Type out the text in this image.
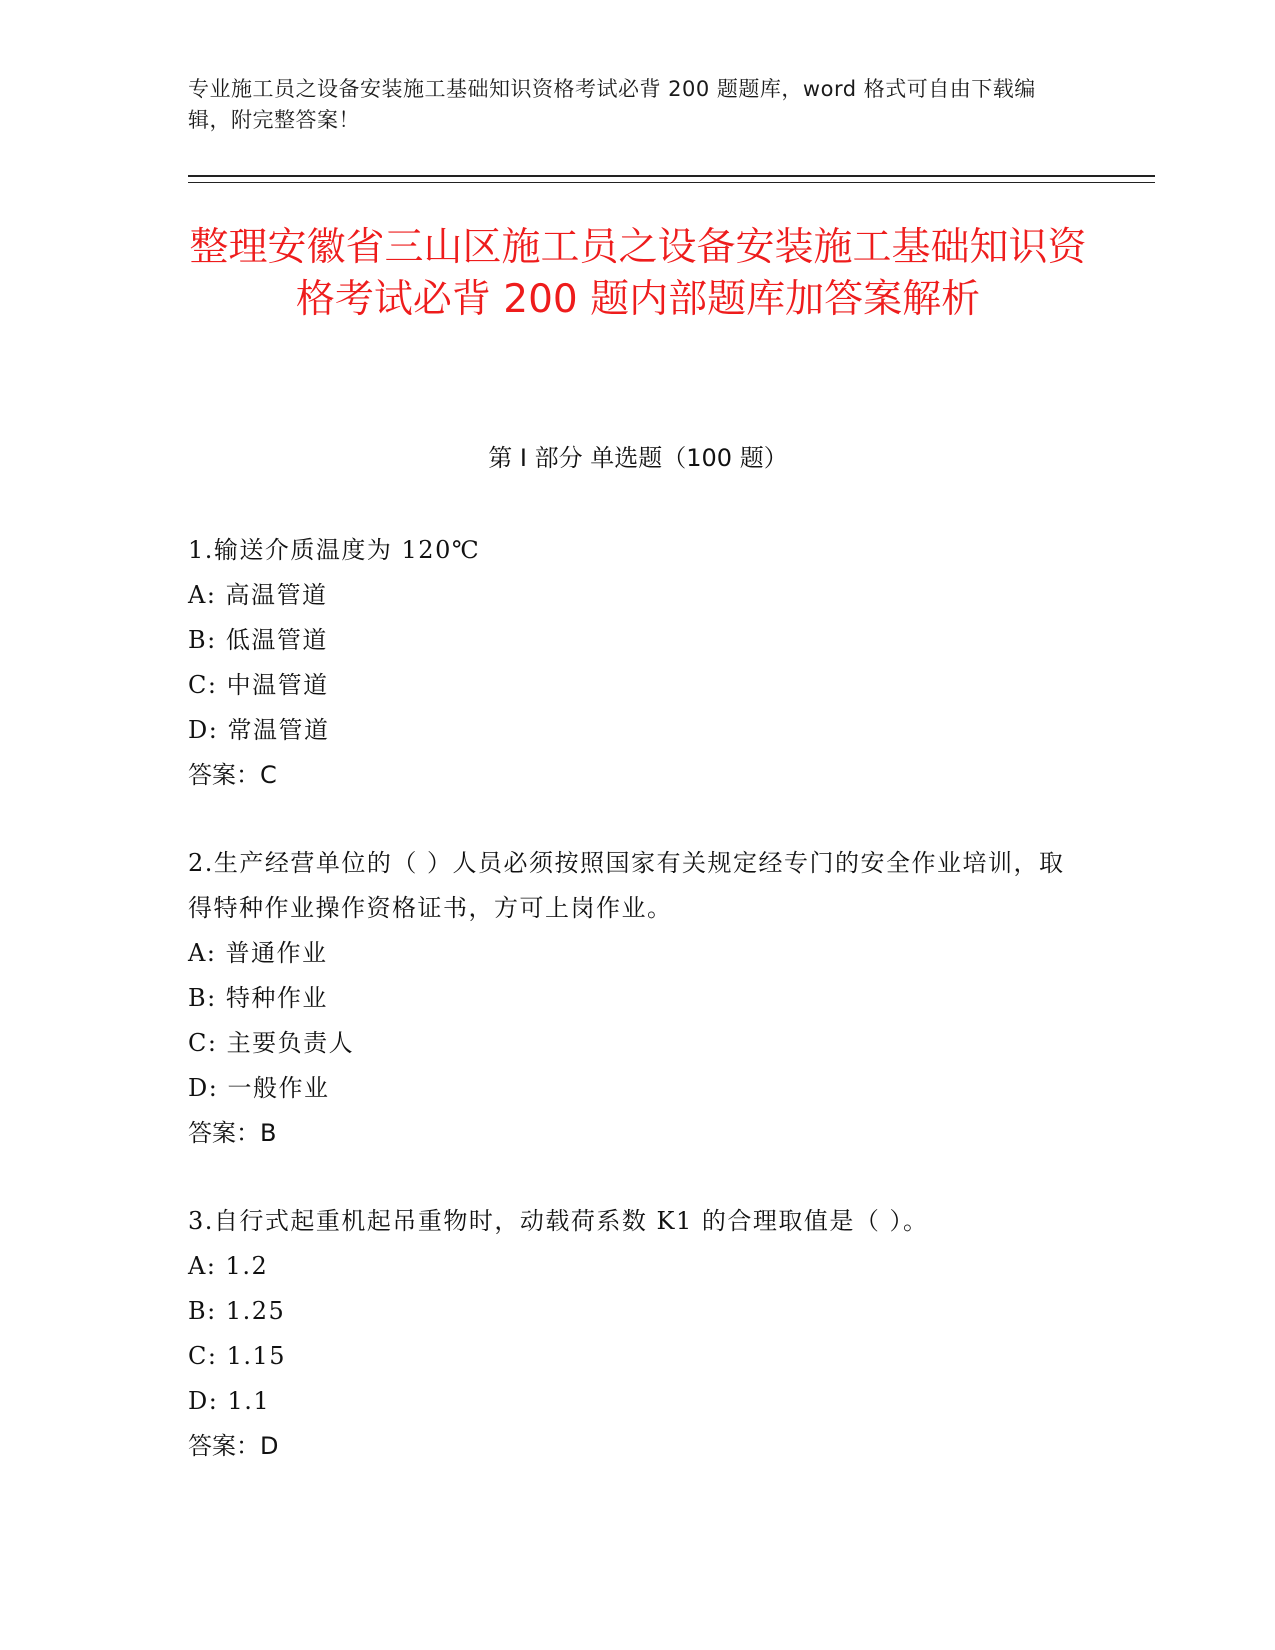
专业施工员之设备安装施工基础知识资格考试必背 200 题题库，word 格式可自由下载编辑，附完整答案！
整理安徽省三山区施工员之设备安装施工基础知识资格考试必背 200 题内部题库加答案解析
第 I 部分 单选题（100 题）
1.输送介质温度为 120℃
A: 高温管道
B: 低温管道
C: 中温管道
D: 常温管道
答案：C
2.生产经营单位的（ ）人员必须按照国家有关规定经专门的安全作业培训，取得特种作业操作资格证书，方可上岗作业。
A: 普通作业
B: 特种作业
C: 主要负责人
D: 一般作业
答案：B
3.自行式起重机起吊重物时，动载荷系数 K1 的合理取值是（ ）。
A: 1.2
B: 1.25
C: 1.15
D: 1.1
答案：D
